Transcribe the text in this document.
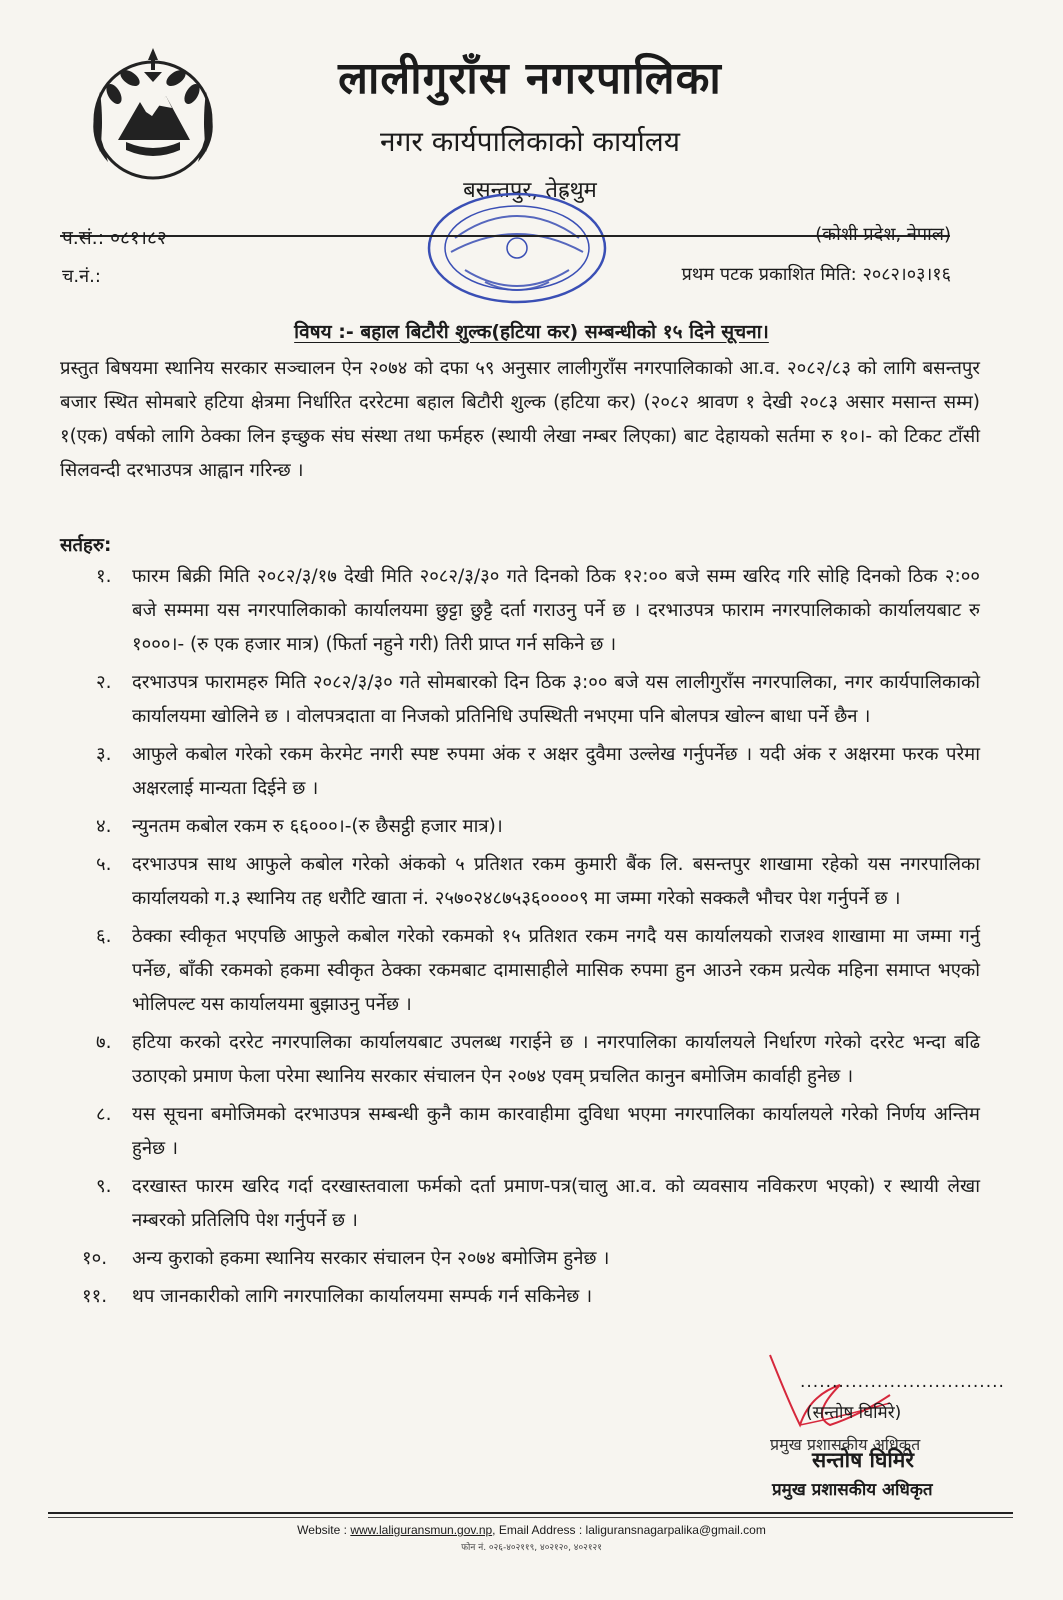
लालीगुराँस नगरपालिका
नगर कार्यपालिकाको कार्यालय
बसन्तपुर, तेह्रथुम
प.सं.: ०८१।८२	(कोशी प्रदेश, नेपाल)
च.नं.:	प्रथम पटक प्रकाशित मिति: २०८२।०३।१६
विषय :- बहाल बिटौरी शुल्क(हटिया कर) सम्बन्धीको १५ दिने सूचना।
प्रस्तुत बिषयमा स्थानिय सरकार सञ्चालन ऐन २०७४ को दफा ५९ अनुसार लालीगुराँस नगरपालिकाको आ.व. २०८२/८३ को लागि बसन्तपुर बजार स्थित सोमबारे हटिया क्षेत्रमा निर्धारित दररेटमा बहाल बिटौरी शुल्क (हटिया कर) (२०८२ श्रावण १ देखी २०८३ असार मसान्त सम्म) १(एक) वर्षको लागि ठेक्का लिन इच्छुक संघ संस्था तथा फर्महरु (स्थायी लेखा नम्बर लिएका) बाट देहायको सर्तमा रु १०।- को टिकट टाँसी सिलवन्दी दरभाउपत्र आह्वान गरिन्छ ।
सर्तहरु:
१. फारम बिक्री मिति २०८२/३/१७ देखी मिति २०८२/३/३० गते दिनको ठिक १२:०० बजे सम्म खरिद गरि सोहि दिनको ठिक २:०० बजे सम्ममा यस नगरपालिकाको कार्यालयमा छुट्टा छुट्टै दर्ता गराउनु पर्ने छ । दरभाउपत्र फाराम नगरपालिकाको कार्यालयबाट रु १०००।- (रु एक हजार मात्र) (फिर्ता नहुने गरी) तिरी प्राप्त गर्न सकिने छ ।
२. दरभाउपत्र फारामहरु मिति २०८२/३/३० गते सोमबारको दिन ठिक ३:०० बजे यस लालीगुराँस नगरपालिका, नगर कार्यपालिकाको कार्यालयमा खोलिने छ । वोलपत्रदाता वा निजको प्रतिनिधि उपस्थिती नभएमा पनि बोलपत्र खोल्न बाधा पर्ने छैन ।
३. आफुले कबोल गरेको रकम केरमेट नगरी स्पष्ट रुपमा अंक र अक्षर दुवैमा उल्लेख गर्नुपर्नेछ । यदी अंक र अक्षरमा फरक परेमा अक्षरलाई मान्यता दिईने छ ।
४. न्युनतम कबोल रकम रु ६६०००।-(रु छैसट्ठी हजार मात्र)।
५. दरभाउपत्र साथ आफुले कबोल गरेको अंकको ५ प्रतिशत रकम कुमारी बैंक लि. बसन्तपुर शाखामा रहेको यस नगरपालिका कार्यालयको ग.३ स्थानिय तह धरौटि खाता नं. २५७०२४८७५३६००००९ मा जम्मा गरेको सक्कलै भौचर पेश गर्नुपर्ने छ ।
६. ठेक्का स्वीकृत भएपछि आफुले कबोल गरेको रकमको १५ प्रतिशत रकम नगदै यस कार्यालयको राजश्व शाखामा मा जम्मा गर्नु पर्नेछ, बाँकी रकमको हकमा स्वीकृत ठेक्का रकमबाट दामासाहीले मासिक रुपमा हुन आउने रकम प्रत्येक महिना समाप्त भएको भोलिपल्ट यस कार्यालयमा बुझाउनु पर्नेछ ।
७. हटिया करको दररेट नगरपालिका कार्यालयबाट उपलब्ध गराईने छ । नगरपालिका कार्यालयले निर्धारण गरेको दररेट भन्दा बढि उठाएको प्रमाण फेला परेमा स्थानिय सरकार संचालन ऐन २०७४ एवम् प्रचलित कानुन बमोजिम कार्वाही हुनेछ ।
८. यस सूचना बमोजिमको दरभाउपत्र सम्बन्धी कुनै काम कारवाहीमा दुविधा भएमा नगरपालिका कार्यालयले गरेको निर्णय अन्तिम हुनेछ ।
९. दरखास्त फारम खरिद गर्दा दरखास्तवाला फर्मको दर्ता प्रमाण-पत्र(चालु आ.व. को व्यवसाय नविकरण भएको) र स्थायी लेखा नम्बरको प्रतिलिपि पेश गर्नुपर्ने छ ।
१०. अन्य कुराको हकमा स्थानिय सरकार संचालन ऐन २०७४ बमोजिम हुनेछ ।
११. थप जानकारीको लागि नगरपालिका कार्यालयमा सम्पर्क गर्न सकिनेछ ।
................................
(सन्तोष घिमिरे)
प्रमुख प्रशासकीय अधिकृत
सन्तोष घिमिरे
प्रमुख प्रशासकीय अधिकृत
Website : www.laliguransmun.gov.np, Email Address : laliguransnagarpalika@gmail.com
फोन नं. ०२६-४०२११९, ४०२१२०, ४०२१२१
